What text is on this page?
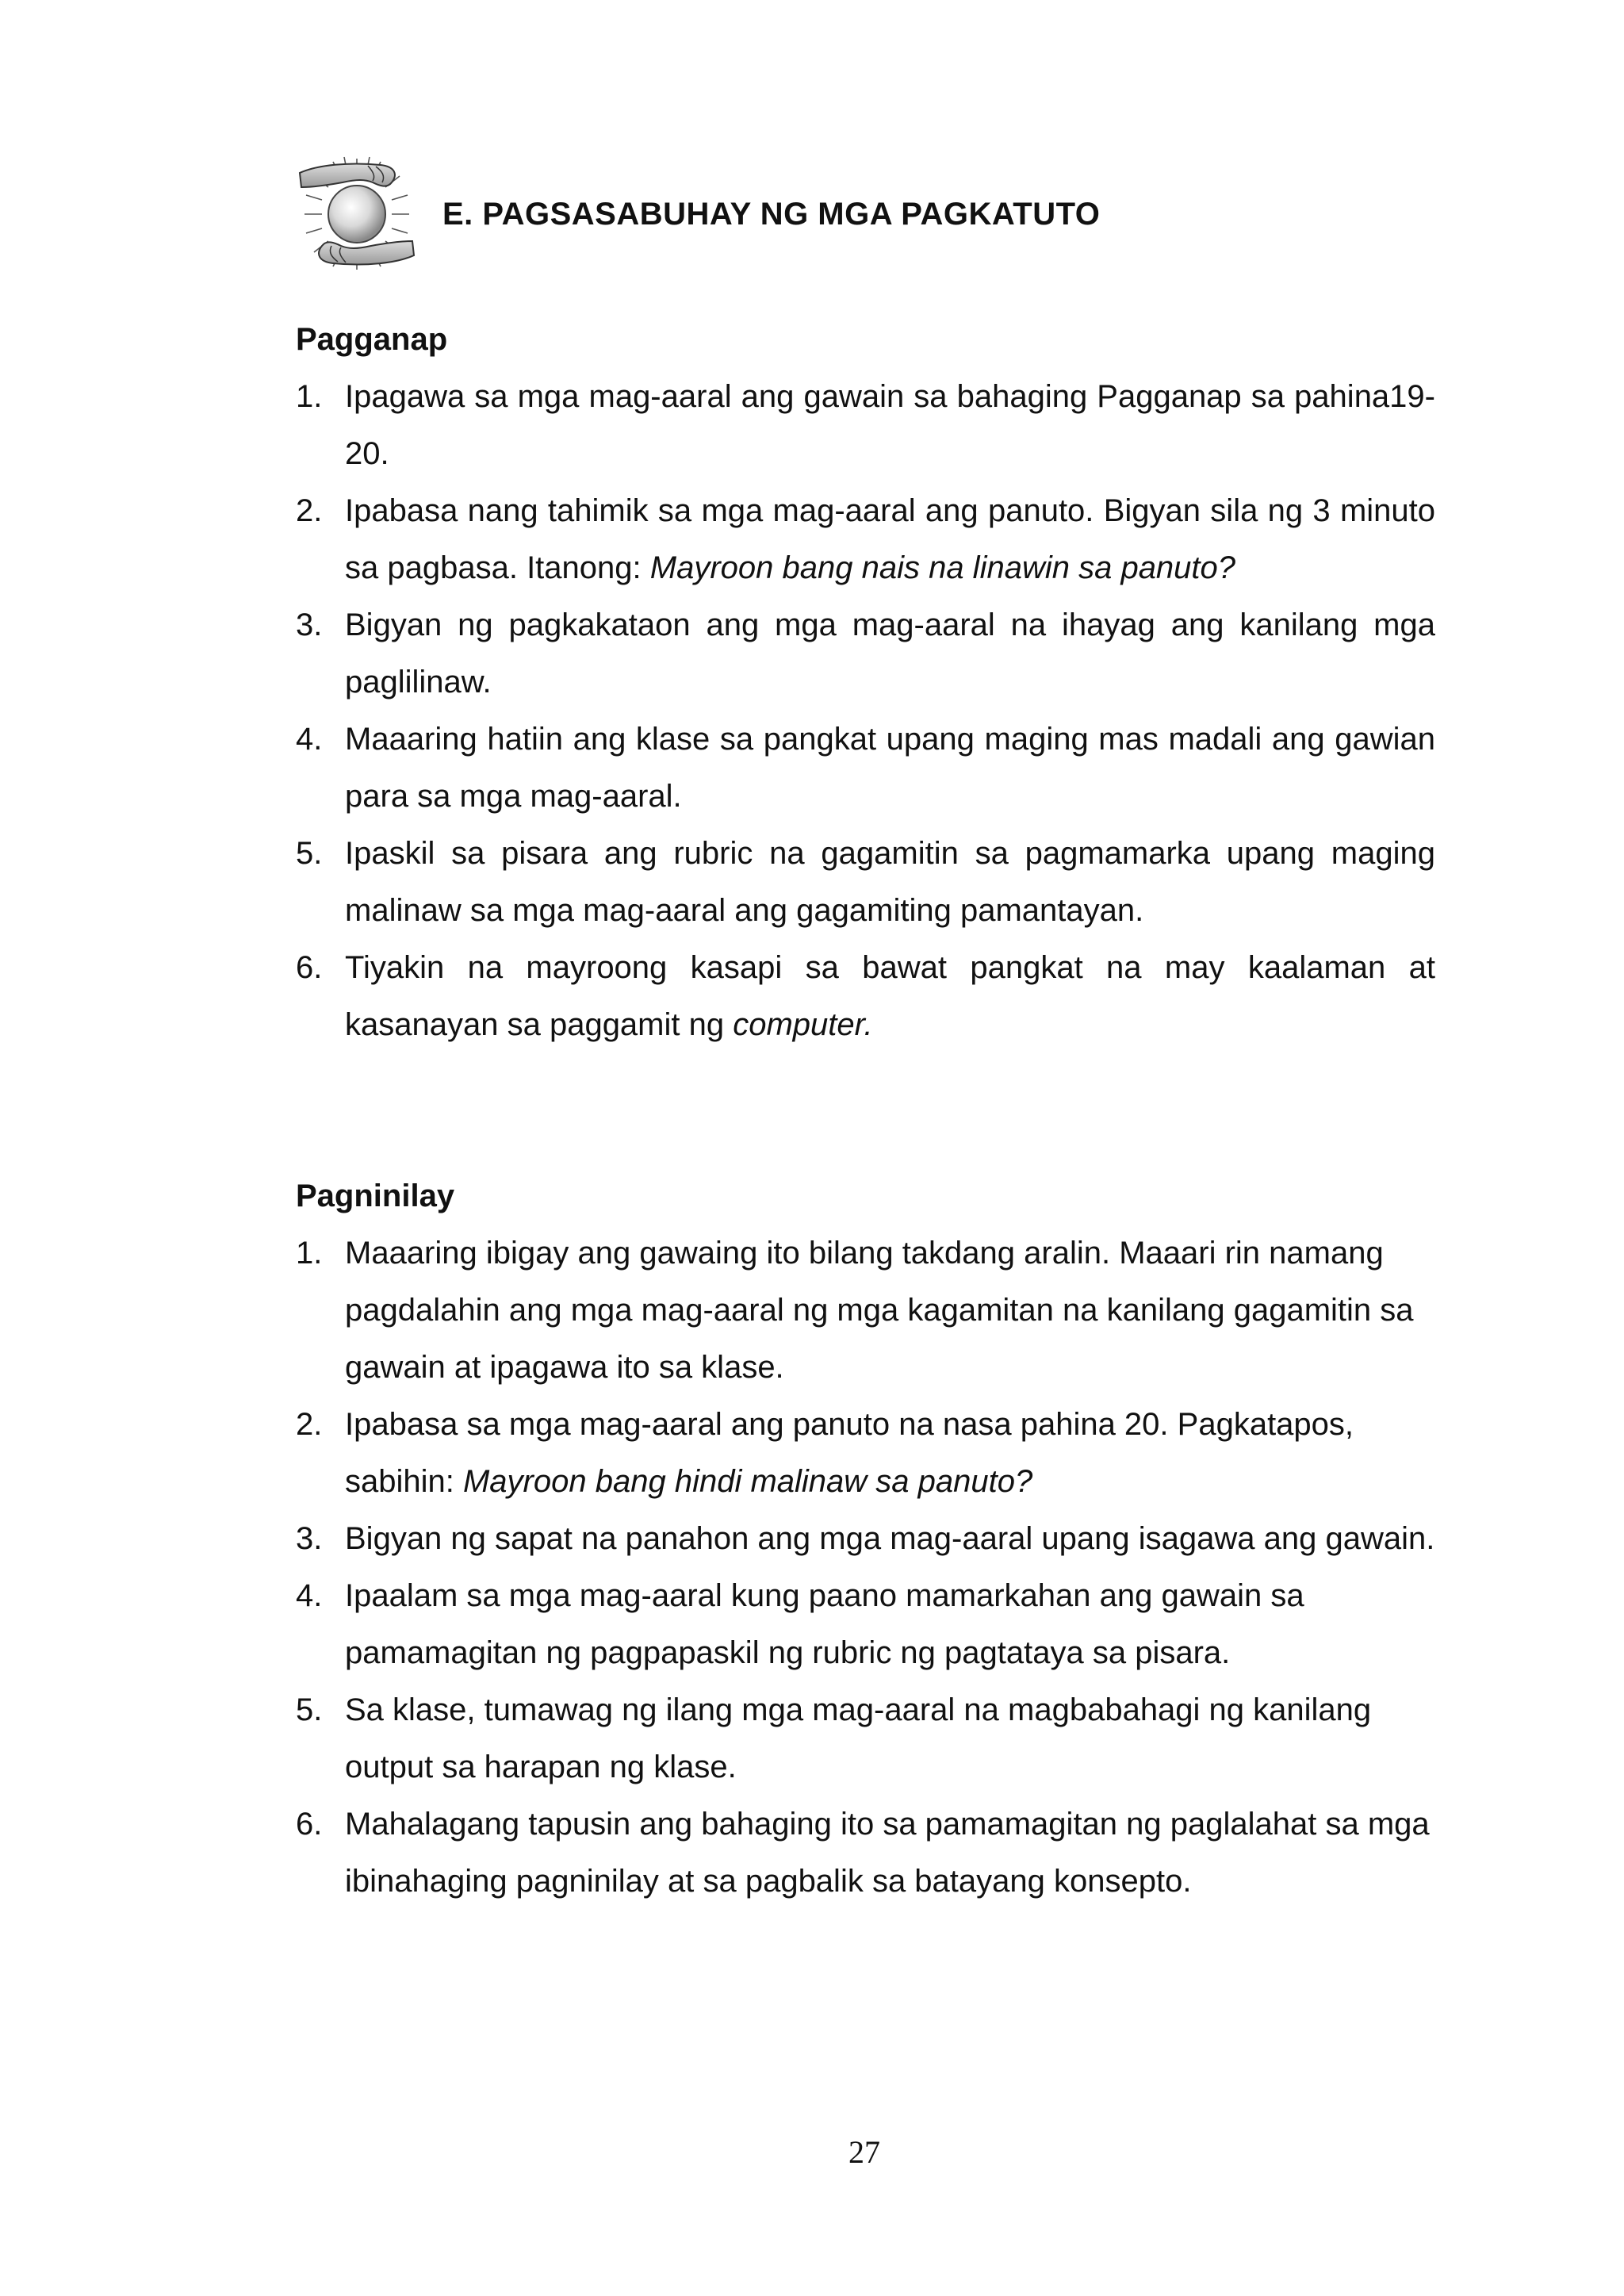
E. PAGSASABUHAY NG MGA PAGKATUTO
Pagganap
1. Ipagawa sa mga mag-aaral ang gawain sa bahaging Pagganap sa pahina19-20.
2. Ipabasa nang tahimik sa mga mag-aaral ang panuto. Bigyan sila ng 3 minuto sa pagbasa. Itanong: Mayroon bang nais na linawin sa panuto?
3. Bigyan ng pagkakataon ang mga mag-aaral na ihayag ang kanilang mga paglilinaw.
4. Maaaring hatiin ang klase sa pangkat upang maging mas madali ang gawian para sa mga mag-aaral.
5. Ipaskil sa pisara ang rubric na gagamitin sa pagmamarka upang maging malinaw sa mga mag-aaral ang gagamiting pamantayan.
6. Tiyakin na mayroong kasapi sa bawat pangkat na may kaalaman at kasanayan sa paggamit ng computer.
Pagninilay
1. Maaaring ibigay ang gawaing ito bilang takdang aralin. Maaari rin namang pagdalahin ang mga mag-aaral ng mga kagamitan na kanilang gagamitin sa gawain at ipagawa ito sa klase.
2. Ipabasa sa mga mag-aaral ang panuto na nasa pahina 20. Pagkatapos, sabihin: Mayroon bang hindi malinaw sa panuto?
3. Bigyan ng sapat na panahon ang mga mag-aaral upang isagawa ang gawain.
4. Ipaalam sa mga mag-aaral kung paano mamarkahan ang gawain sa pamamagitan ng pagpapaskil ng rubric ng pagtataya sa pisara.
5. Sa klase, tumawag ng ilang mga mag-aaral na magbabahagi ng kanilang output sa harapan ng klase.
6. Mahalagang tapusin ang bahaging ito sa pamamagitan ng paglalahat sa mga ibinahaging pagninilay at sa pagbalik sa batayang konsepto.
27
